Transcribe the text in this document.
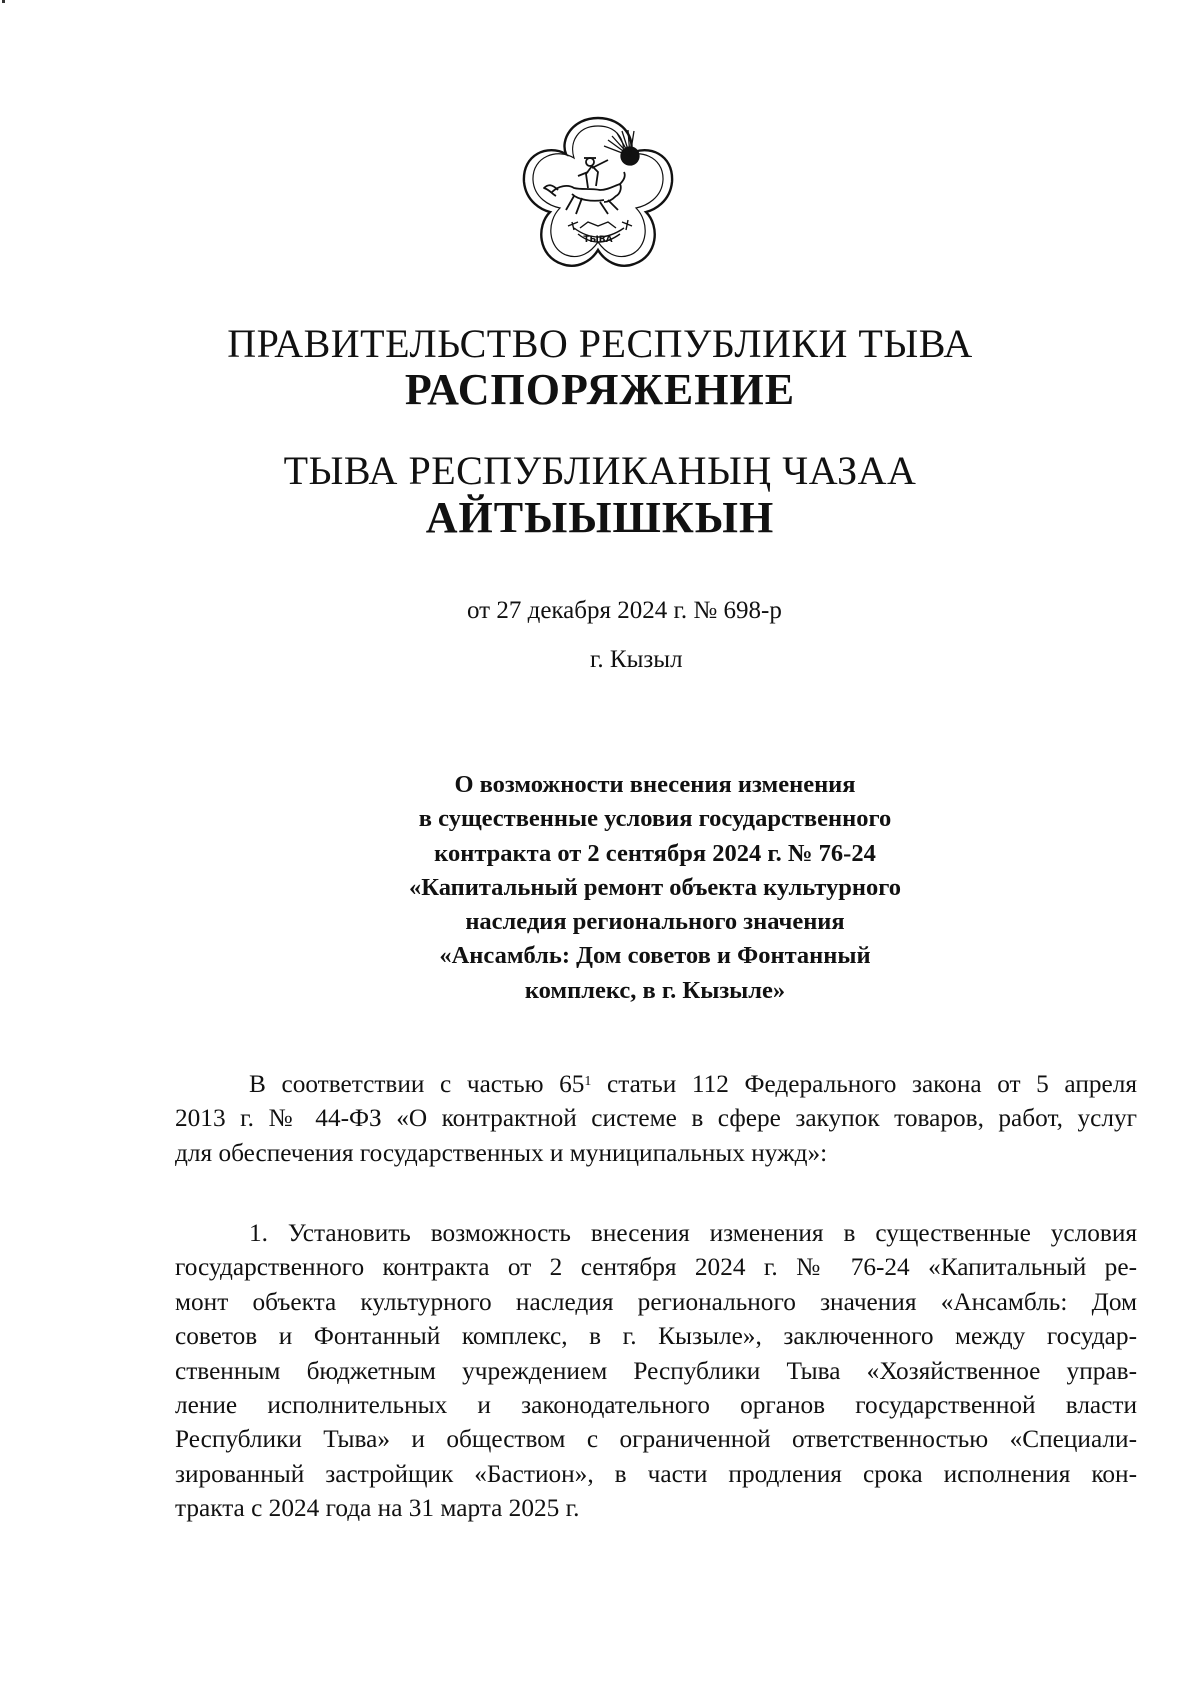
ТЫВА
ПРАВИТЕЛЬСТВО РЕСПУБЛИКИ ТЫВА
РАСПОРЯЖЕНИЕ
ТЫВА РЕСПУБЛИКАНЫҢ ЧАЗАА
АЙТЫЫШКЫН
от 27 декабря 2024 г. № 698-р
г. Кызыл
О возможности внесения изменения
в существенные условия государственного
контракта от 2 сентября 2024 г. № 76-24
«Капитальный ремонт объекта культурного
наследия регионального значения
«Ансамбль: Дом советов и Фонтанный
комплекс, в г. Кызыле»
В соответствии с частью $65^1$ статьи 112 Федерального закона от 5 апреля
2013 г. № 44-ФЗ «О контрактной системе в сфере закупок товаров, работ, услуг
для обеспечения государственных и муниципальных нужд»:
1. Установить возможность внесения изменения в существенные условия
государственного контракта от 2 сентября 2024 г. № 76-24 «Капитальный ре-
монт объекта культурного наследия регионального значения «Ансамбль: Дом
советов и Фонтанный комплекс, в г. Кызыле», заключенного между государ-
ственным бюджетным учреждением Республики Тыва «Хозяйственное управ-
ление исполнительных и законодательного органов государственной власти
Республики Тыва» и обществом с ограниченной ответственностью «Специали-
зированный застройщик «Бастион», в части продления срока исполнения кон-
тракта с 2024 года на 31 марта 2025 г.
